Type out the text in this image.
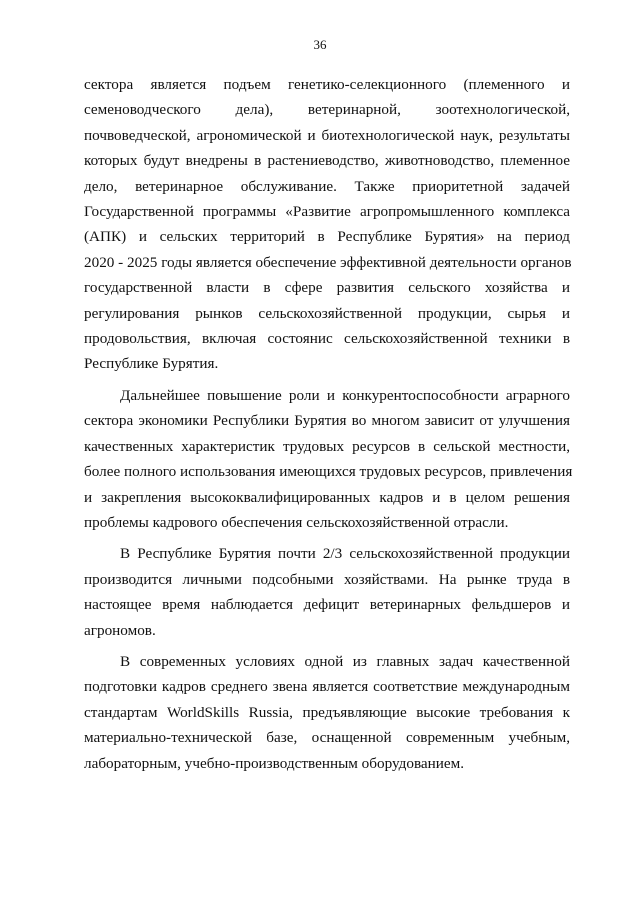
36
сектора является подъем генетико-селекционного (племенного и
семеноводческого дела), ветеринарной, зоотехнологической,
почвоведческой, агрономической и биотехнологической наук, результаты
которых будут внедрены в растениеводство, животноводство, племенное
дело, ветеринарное обслуживание. Также приоритетной задачей
Государственной программы «Развитие агропромышленного комплекса
(АПК) и сельских территорий в Республике Бурятия» на период
2020 - 2025 годы является обеспечение эффективной деятельности органов
государственной власти в сфере развития сельского хозяйства и
регулирования рынков сельскохозяйственной продукции, сырья и
продовольствия, включая состоянис сельскохозяйственной техники в
Республике Бурятия.
Дальнейшее повышение роли и конкурентоспособности аграрного
сектора экономики Республики Бурятия во многом зависит от улучшения
качественных характеристик трудовых ресурсов в сельской местности,
более полного использования имеющихся трудовых ресурсов, привлечения
и закрепления высококвалифицированных кадров и в целом решения
проблемы кадрового обеспечения сельскохозяйственной отрасли.
В Республике Бурятия почти 2/3 сельскохозяйственной продукции
производится личными подсобными хозяйствами. На рынке труда в
настоящее время наблюдается дефицит ветеринарных фельдшеров и
агрономов.
В современных условиях одной из главных задач качественной
подготовки кадров среднего звена является соответствие международным
стандартам WorldSkills Russia, предъявляющие высокие требования к
материально-технической базе, оснащенной современным учебным,
лабораторным, учебно-производственным оборудованием.
